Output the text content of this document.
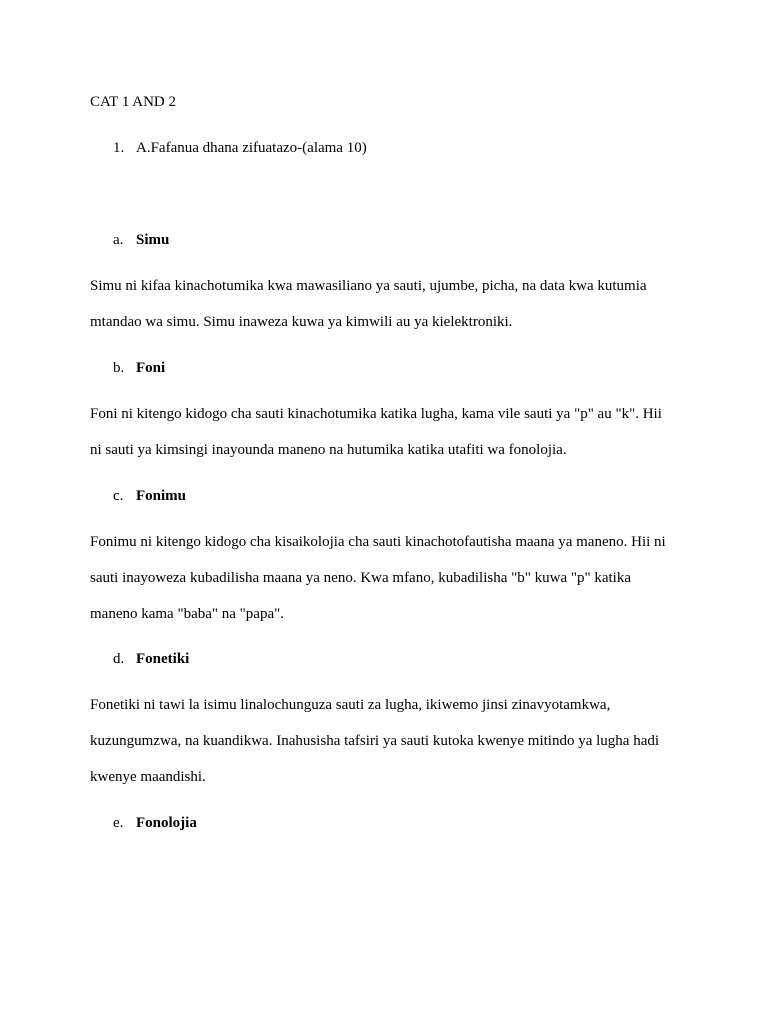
CAT 1 AND 2
1. A.Fafanua dhana zifuatazo-(alama 10)
a. Simu

Simu ni kifaa kinachotumika kwa mawasiliano ya sauti, ujumbe, picha, na data kwa kutumia
mtandao wa simu. Simu inaweza kuwa ya kimwili au ya kielektroniki.

b. Foni

Foni ni kitengo kidogo cha sauti kinachotumika katika lugha, kama vile sauti ya "p" au "k". Hii
ni sauti ya kimsingi inayounda maneno na hutumika katika utafiti wa fonolojia.

c. Fonimu

Fonimu ni kitengo kidogo cha kisaikolojia cha sauti kinachotofautisha maana ya maneno. Hii ni
sauti inayoweza kubadilisha maana ya neno. Kwa mfano, kubadilisha "b" kuwa "p" katika
maneno kama "baba" na "papa".

d. Fonetiki

Fonetiki ni tawi la isimu linalochunguza sauti za lugha, ikiwemo jinsi zinavyotamkwa,
kuzungumzwa, na kuandikwa. Inahusisha tafsiri ya sauti kutoka kwenye mitindo ya lugha hadi
kwenye maandishi.

e. Fonolojia
